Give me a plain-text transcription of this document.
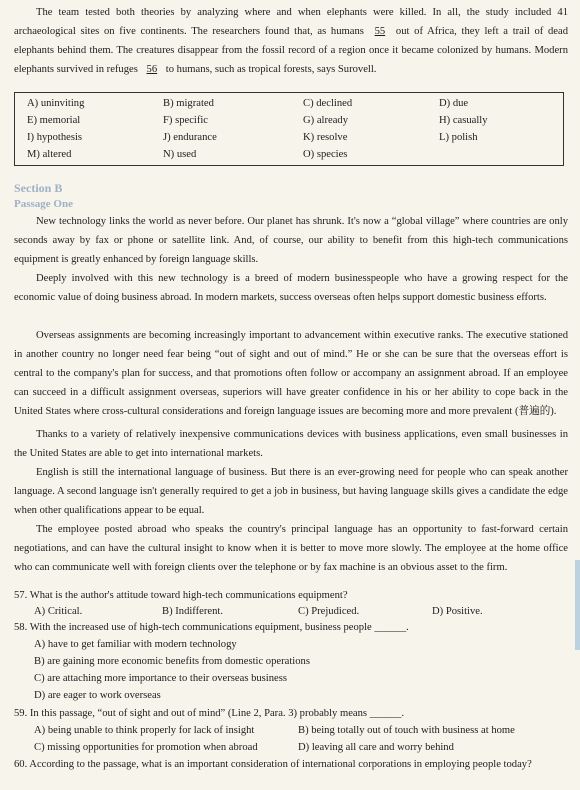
The team tested both theories by analyzing where and when elephants were killed. In all, the study included 41 archaeological sites on five continents. The researchers found that, as humans 55 out of Africa, they left a trail of dead elephants behind them. The creatures disappear from the fossil record of a region once it became colonized by humans. Modern elephants survived in refuges 56 to humans, such as tropical forests, says Surovell.

A) uninviting	B) migrated	C) declined	D) due
E) memorial	F) specific	G) already	H) casually
I) hypothesis	J) endurance	K) resolve	L) polish
M) altered	N) used	O) species
Section B
Passage One

New technology links the world as never before. Our planet has shrunk. It's now a “global village” where countries are only seconds away by fax or phone or satellite link. And, of course, our ability to benefit from this high-tech communications equipment is greatly enhanced by foreign language skills.

Deeply involved with this new technology is a breed of modern businesspeople who have a growing respect for the economic value of doing business abroad. In modern markets, success overseas often helps support domestic business efforts.

Overseas assignments are becoming increasingly important to advancement within executive ranks. The executive stationed in another country no longer need fear being “out of sight and out of mind.” He or she can be sure that the overseas effort is central to the company's plan for success, and that promotions often follow or accompany an assignment abroad. If an employee can succeed in a difficult assignment overseas, superiors will have greater confidence in his or her ability to cope back in the United States where cross-cultural considerations and foreign language issues are becoming more and more prevalent (普遍的).

Thanks to a variety of relatively inexpensive communications devices with business applications, even small businesses in the United States are able to get into international markets.

English is still the international language of business. But there is an ever-growing need for people who can speak another language. A second language isn't generally required to get a job in business, but having language skills gives a candidate the edge when other qualifications appear to be equal.

The employee posted abroad who speaks the country's principal language has an opportunity to fast-forward certain negotiations, and can have the cultural insight to know when it is better to move more slowly. The employee at the home office who can communicate well with foreign clients over the telephone or by fax machine is an obvious asset to the firm.

57. What is the author's attitude toward high-tech communications equipment?

A) Critical.	B) Indifferent.	C) Prejudiced.	D) Positive.

58. With the increased use of high-tech communications equipment, business people ______.

A) have to get familiar with modern technology
B) are gaining more economic benefits from domestic operations
C) are attaching more importance to their overseas business
D) are eager to work overseas

59. In this passage, “out of sight and out of mind” (Line 2, Para. 3) probably means ______.

A) being unable to think properly for lack of insight	B) being totally out of touch with business at home
C) missing opportunities for promotion when abroad	D) leaving all care and worry behind

60. According to the passage, what is an important consideration of international corporations in employing people today?
